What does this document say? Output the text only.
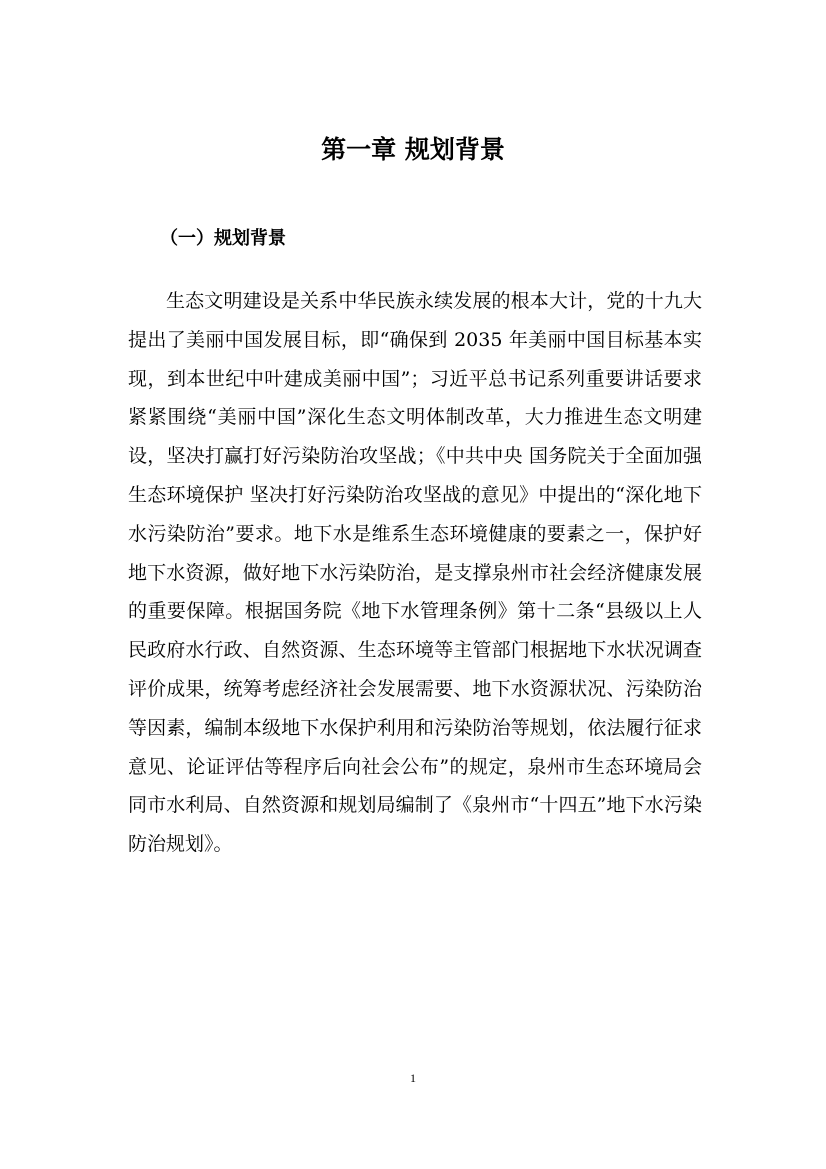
第一章 规划背景
（一）规划背景

生态文明建设是关系中华民族永续发展的根本大计，党的十九大提出了美丽中国发展目标，即“确保到 2035 年美丽中国目标基本实现，到本世纪中叶建成美丽中国”；习近平总书记系列重要讲话要求紧紧围绕“美丽中国”深化生态文明体制改革，大力推进生态文明建设，坚决打赢打好污染防治攻坚战；《中共中央 国务院关于全面加强生态环境保护 坚决打好污染防治攻坚战的意见》中提出的“深化地下水污染防治”要求。地下水是维系生态环境健康的要素之一，保护好地下水资源，做好地下水污染防治，是支撑泉州市社会经济健康发展的重要保障。根据国务院《地下水管理条例》第十二条“县级以上人民政府水行政、自然资源、生态环境等主管部门根据地下水状况调查评价成果，统筹考虑经济社会发展需要、地下水资源状况、污染防治等因素，编制本级地下水保护利用和污染防治等规划，依法履行征求意见、论证评估等程序后向社会公布”的规定，泉州市生态环境局会同市水利局、自然资源和规划局编制了《泉州市“十四五”地下水污染防治规划》。

1
